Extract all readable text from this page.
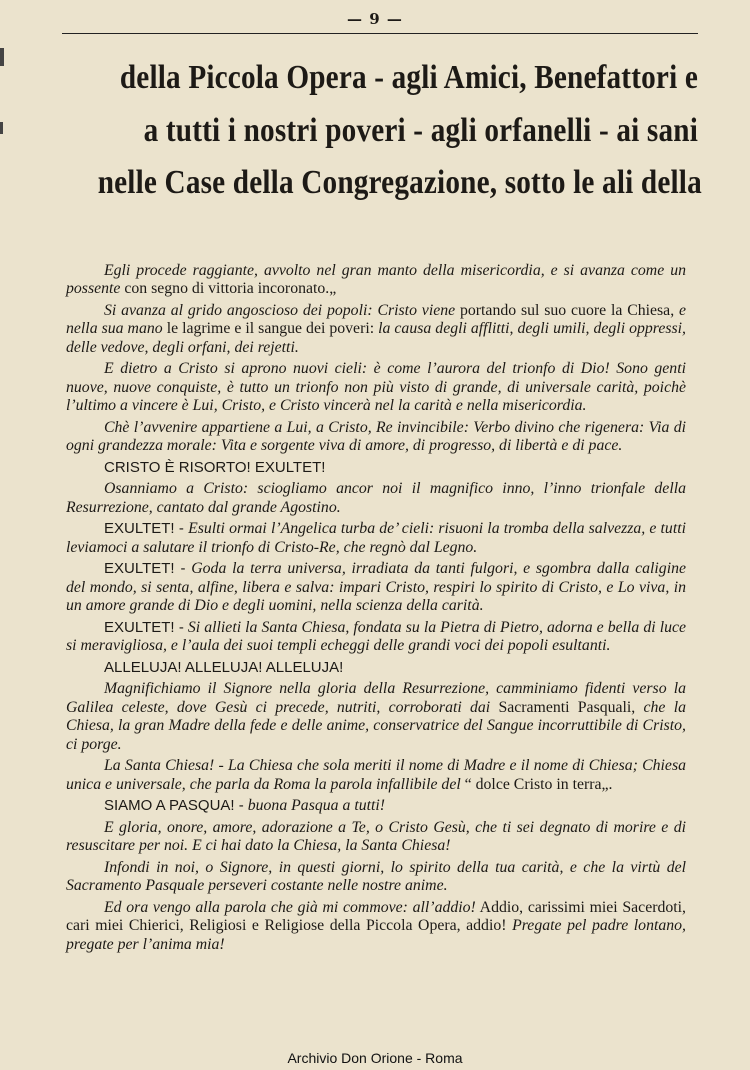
— 9 —
della Piccola Opera - agli Amici, Benefattori e
a tutti i nostri poveri - agli orfanelli - ai sani
nelle Case della Congregazione, sotto le ali della

Egli procede raggiante, avvolto nel gran manto della misericordia, e si avanza come un possente con segno di vittoria incoronato.„

Si avanza al grido angoscioso dei popoli: Cristo viene portando sul suo cuore la Chiesa, e nella sua mano le lagrime e il sangue dei poveri: la causa degli afflitti, degli umili, degli oppressi, delle vedove, degli orfani, dei rejetti.

E dietro a Cristo si aprono nuovi cieli: è come l’aurora del trionfo di Dio! Sono genti nuove, nuove conquiste, è tutto un trionfo non più visto di grande, di universale carità, poichè l’ultimo a vincere è Lui, Cristo, e Cristo vincerà nel la carità e nella misericordia.

Chè l’avvenire appartiene a Lui, a Cristo, Re invincibile: Verbo divino che rigenera: Via di ogni grandezza morale: Vita e sorgente viva di amore, di progresso, di libertà e di pace.

CRISTO È RISORTO! EXULTET!

Osanniamo a Cristo: sciogliamo ancor noi il magnifico inno, l’inno trionfale della Resurrezione, cantato dal grande Agostino.

EXULTET! - Esulti ormai l’Angelica turba de’ cieli: risuoni la tromba della salvezza, e tutti leviamoci a salutare il trionfo di Cristo-Re, che regnò dal Legno.

EXULTET! - Goda la terra universa, irradiata da tanti fulgori, e sgombra dalla caligine del mondo, si senta, alfine, libera e salva: impari Cristo, respiri lo spirito di Cristo, e Lo viva, in un amore grande di Dio e degli uomini, nella scienza della carità.

EXULTET! - Si allieti la Santa Chiesa, fondata su la Pietra di Pietro, adorna e bella di luce si meravigliosa, e l’aula dei suoi templi echeggi delle grandi voci dei popoli esultanti.

ALLELUJA! ALLELUJA! ALLELUJA!

Magnifichiamo il Signore nella gloria della Resurrezione, camminiamo fidenti verso la Galilea celeste, dove Gesù ci precede, nutriti, corroborati dai Sacramenti Pasquali, che la Chiesa, la gran Madre della fede e delle anime, conservatrice del Sangue incorruttibile di Cristo, ci porge.

La Santa Chiesa! - La Chiesa che sola meriti il nome di Madre e il nome di Chiesa; Chiesa unica e universale, che parla da Roma la parola infallibile del “ dolce Cristo in terra„.

SIAMO A PASQUA! - buona Pasqua a tutti!

E gloria, onore, amore, adorazione a Te, o Cristo Gesù, che ti sei degnato di morire e di resuscitare per noi. E ci hai dato la Chiesa, la Santa Chiesa!

Infondi in noi, o Signore, in questi giorni, lo spirito della tua carità, e che la virtù del Sacramento Pasquale perseveri costante nelle nostre anime.

Ed ora vengo alla parola che già mi commove: all’addio! Addio, carissimi miei Sacerdoti, cari miei Chierici, Religiosi e Religiose della Piccola Opera, addio! Pregate pel padre lontano, pregate per l’anima mia!

Archivio Don Orione - Roma
